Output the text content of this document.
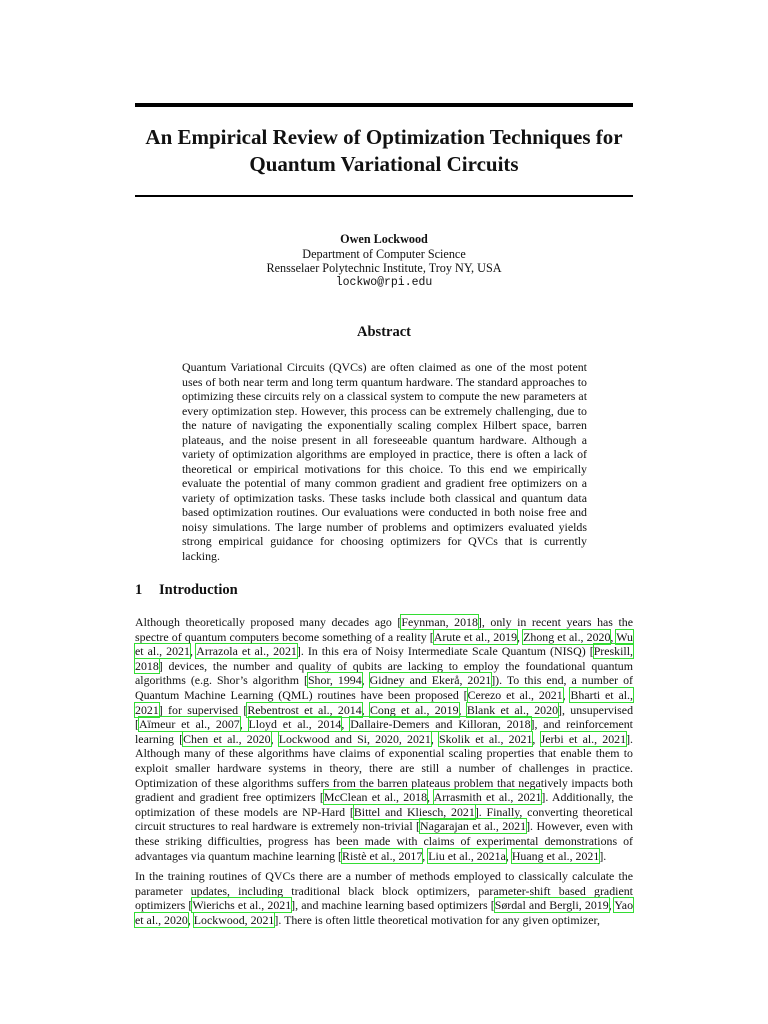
An Empirical Review of Optimization Techniques for
Quantum Variational Circuits
Owen Lockwood
Department of Computer Science
Rensselaer Polytechnic Institute, Troy NY, USA
lockwo@rpi.edu
Abstract

Quantum Variational Circuits (QVCs) are often claimed as one of the most potent uses of both near term and long term quantum hardware. The standard approaches to optimizing these circuits rely on a classical system to compute the new parameters at every optimization step. However, this process can be extremely challenging, due to the nature of navigating the exponentially scaling complex Hilbert space, barren plateaus, and the noise present in all foreseeable quantum hardware. Although a variety of optimization algorithms are employed in practice, there is often a lack of theoretical or empirical motivations for this choice. To this end we empirically evaluate the potential of many common gradient and gradient free optimizers on a variety of optimization tasks. These tasks include both classical and quantum data based optimization routines. Our evaluations were conducted in both noise free and noisy simulations. The large number of problems and optimizers evaluated yields strong empirical guidance for choosing optimizers for QVCs that is currently lacking.

1 Introduction

Although theoretically proposed many decades ago [Feynman, 2018], only in recent years has the spectre of quantum computers become something of a reality [Arute et al., 2019, Zhong et al., 2020, Wu et al., 2021, Arrazola et al., 2021]. In this era of Noisy Intermediate Scale Quantum (NISQ) [Preskill, 2018] devices, the number and quality of qubits are lacking to employ the foundational quantum algorithms (e.g. Shor’s algorithm [Shor, 1994, Gidney and Ekerå, 2021]). To this end, a number of Quantum Machine Learning (QML) routines have been proposed [Cerezo et al., 2021, Bharti et al., 2021] for supervised [Rebentrost et al., 2014, Cong et al., 2019, Blank et al., 2020], unsupervised [Aïmeur et al., 2007, Lloyd et al., 2014, Dallaire-Demers and Killoran, 2018], and reinforcement learning [Chen et al., 2020, Lockwood and Si, 2020, 2021, Skolik et al., 2021, Jerbi et al., 2021]. Although many of these algorithms have claims of exponential scaling properties that enable them to exploit smaller hardware systems in theory, there are still a number of challenges in practice. Optimization of these algorithms suffers from the barren plateaus problem that negatively impacts both gradient and gradient free optimizers [McClean et al., 2018, Arrasmith et al., 2021]. Additionally, the optimization of these models are NP-Hard [Bittel and Kliesch, 2021]. Finally, converting theoretical circuit structures to real hardware is extremely non-trivial [Nagarajan et al., 2021]. However, even with these striking difficulties, progress has been made with claims of experimental demonstrations of advantages via quantum machine learning [Ristè et al., 2017, Liu et al., 2021a, Huang et al., 2021].

In the training routines of QVCs there are a number of methods employed to classically calculate the parameter updates, including traditional black block optimizers, parameter-shift based gradient optimizers [Wierichs et al., 2021], and machine learning based optimizers [Sørdal and Bergli, 2019, Yao et al., 2020, Lockwood, 2021]. There is often little theoretical motivation for any given optimizer,
